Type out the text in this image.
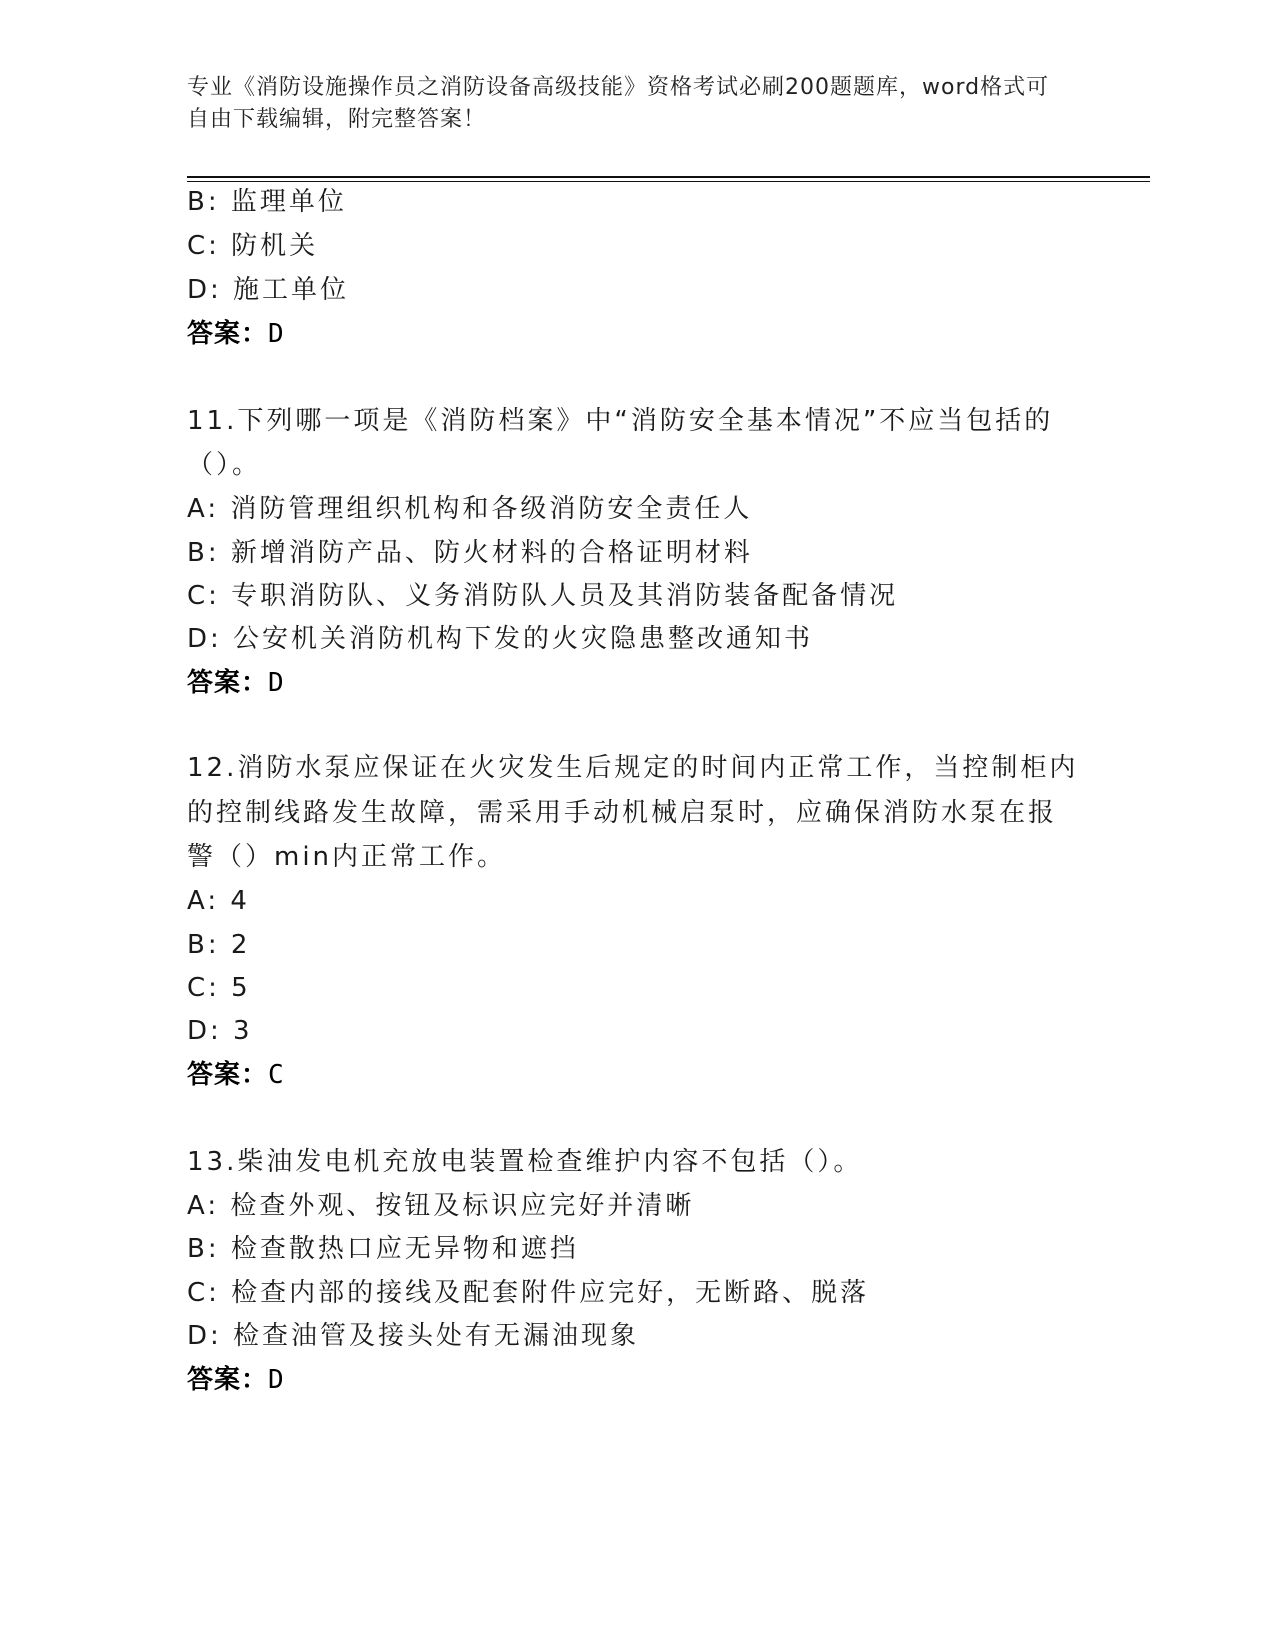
专业《消防设施操作员之消防设备高级技能》资格考试必刷200题题库，word格式可自由下载编辑，附完整答案！
B: 监理单位
C: 防机关
D: 施工单位
答案：D
11.下列哪一项是《消防档案》中“消防安全基本情况”不应当包括的
（）。
A: 消防管理组织机构和各级消防安全责任人
B: 新增消防产品、防火材料的合格证明材料
C: 专职消防队、义务消防队人员及其消防装备配备情况
D: 公安机关消防机构下发的火灾隐患整改通知书
答案：D
12.消防水泵应保证在火灾发生后规定的时间内正常工作，当控制柜内
的控制线路发生故障，需采用手动机械启泵时，应确保消防水泵在报
警（）min内正常工作。
A: 4
B: 2
C: 5
D: 3
答案：C
13.柴油发电机充放电装置检查维护内容不包括（）。
A: 检查外观、按钮及标识应完好并清晰
B: 检查散热口应无异物和遮挡
C: 检查内部的接线及配套附件应完好，无断路、脱落
D: 检查油管及接头处有无漏油现象
答案：D
